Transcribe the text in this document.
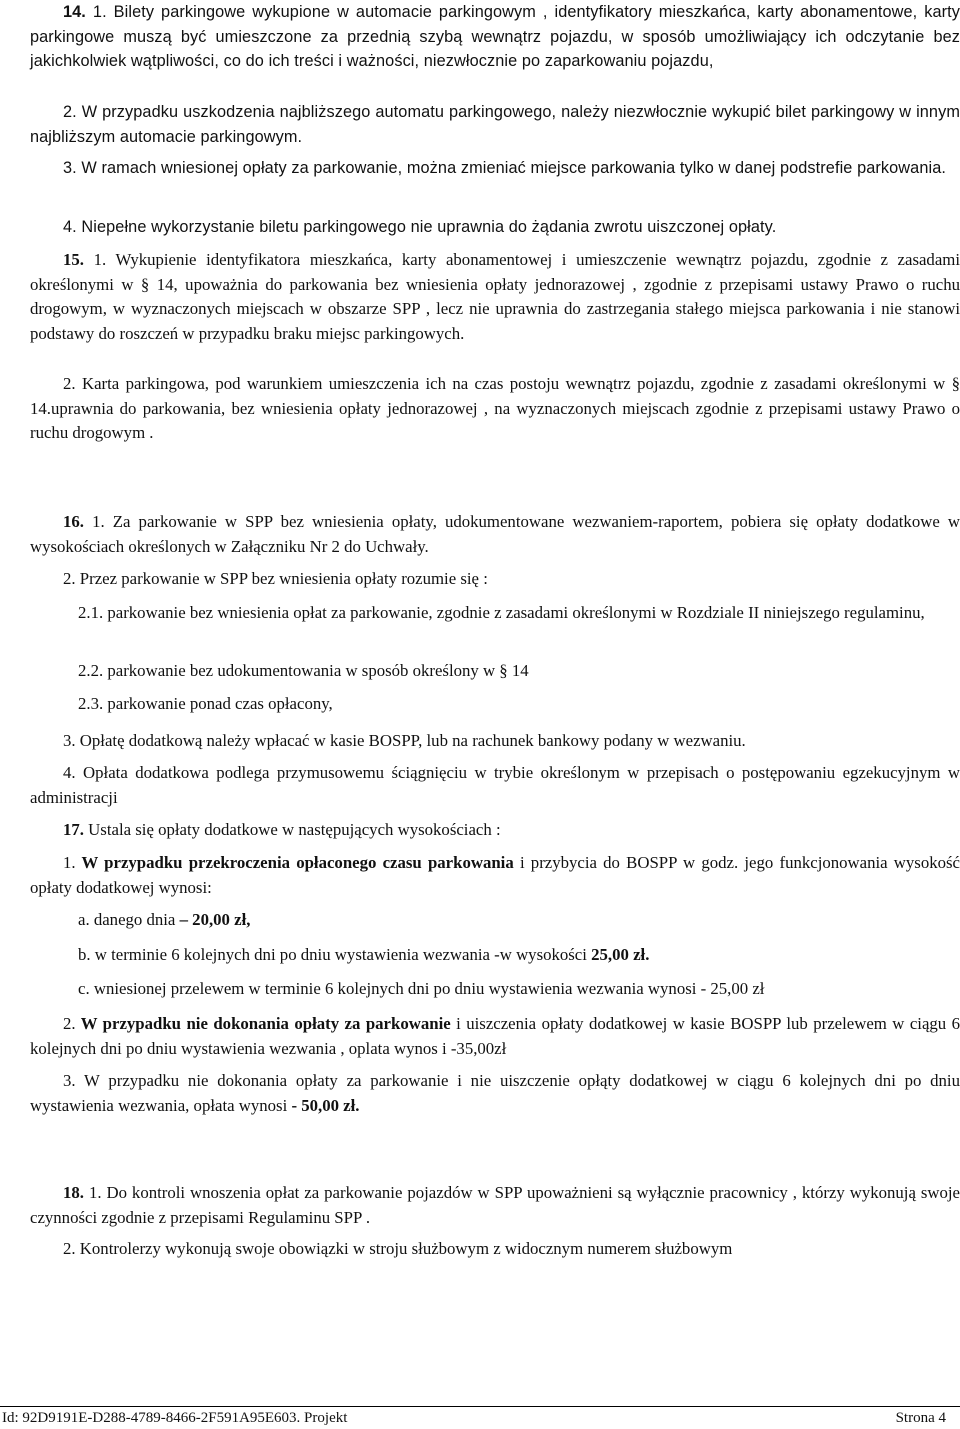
14. 1. Bilety parkingowe wykupione w automacie parkingowym , identyfikatory mieszkańca, karty abonamentowe, karty parkingowe muszą być umieszczone za przednią szybą wewnątrz pojazdu, w sposób umożliwiający ich odczytanie bez jakichkolwiek wątpliwości, co do ich treści i ważności, niezwłocznie po zaparkowaniu pojazdu,

2. W przypadku uszkodzenia najbliższego automatu parkingowego, należy niezwłocznie wykupić bilet parkingowy w innym najbliższym automacie parkingowym.

3. W ramach wniesionej opłaty za parkowanie, można zmieniać miejsce parkowania tylko w danej podstrefie parkowania.

4. Niepełne wykorzystanie biletu parkingowego nie uprawnia do żądania zwrotu uiszczonej opłaty.

15. 1. Wykupienie identyfikatora mieszkańca, karty abonamentowej i umieszczenie wewnątrz pojazdu, zgodnie z zasadami określonymi w § 14, upoważnia do parkowania bez wniesienia opłaty jednorazowej , zgodnie z przepisami ustawy Prawo o ruchu drogowym, w wyznaczonych miejscach w obszarze SPP , lecz nie uprawnia do zastrzegania stałego miejsca parkowania i nie stanowi podstawy do roszczeń w przypadku braku miejsc parkingowych.

2. Karta parkingowa, pod warunkiem umieszczenia ich na czas postoju wewnątrz pojazdu, zgodnie z zasadami określonymi w § 14.uprawnia do parkowania, bez wniesienia opłaty jednorazowej , na wyznaczonych miejscach zgodnie z przepisami ustawy Prawo o ruchu drogowym .

16. 1. Za parkowanie w SPP bez wniesienia opłaty, udokumentowane wezwaniem-raportem, pobiera się opłaty dodatkowe w wysokościach określonych w Załączniku Nr 2 do Uchwały.

2. Przez parkowanie w SPP bez wniesienia opłaty rozumie się :

2.1. parkowanie bez wniesienia opłat za parkowanie, zgodnie z zasadami określonymi w Rozdziale II niniejszego regulaminu,

2.2. parkowanie bez udokumentowania w sposób określony w § 14

2.3. parkowanie ponad czas opłacony,

3. Opłatę dodatkową należy wpłacać w kasie BOSPP, lub na rachunek bankowy podany w wezwaniu.

4. Opłata dodatkowa podlega przymusowemu ściągnięciu w trybie określonym w przepisach o postępowaniu egzekucyjnym w administracji

17. Ustala się opłaty dodatkowe w następujących wysokościach :

1. W przypadku przekroczenia opłaconego czasu parkowania i przybycia do BOSPP w godz. jego funkcjonowania wysokość opłaty dodatkowej wynosi:

a. danego dnia – 20,00 zł,

b. w terminie 6 kolejnych dni po dniu wystawienia wezwania -w wysokości 25,00 zł.

c. wniesionej przelewem w terminie 6 kolejnych dni po dniu wystawienia wezwania wynosi - 25,00 zł

2. W przypadku nie dokonania opłaty za parkowanie i uiszczenia opłaty dodatkowej w kasie BOSPP lub przelewem w ciągu 6 kolejnych dni po dniu wystawienia wezwania , oplata wynos i -35,00zł

3. W przypadku nie dokonania opłaty za parkowanie i nie uiszczenie opłąty dodatkowej w ciągu 6 kolejnych dni po dniu wystawienia wezwania, opłata wynosi - 50,00 zł.

18. 1. Do kontroli wnoszenia opłat za parkowanie pojazdów w SPP upoważnieni są wyłącznie pracownicy , którzy wykonują swoje czynności zgodnie z przepisami Regulaminu SPP .

2. Kontrolerzy wykonują swoje obowiązki w stroju służbowym z widocznym numerem służbowym

Id: 92D9191E-D288-4789-8466-2F591A95E603. Projekt	Strona 4
